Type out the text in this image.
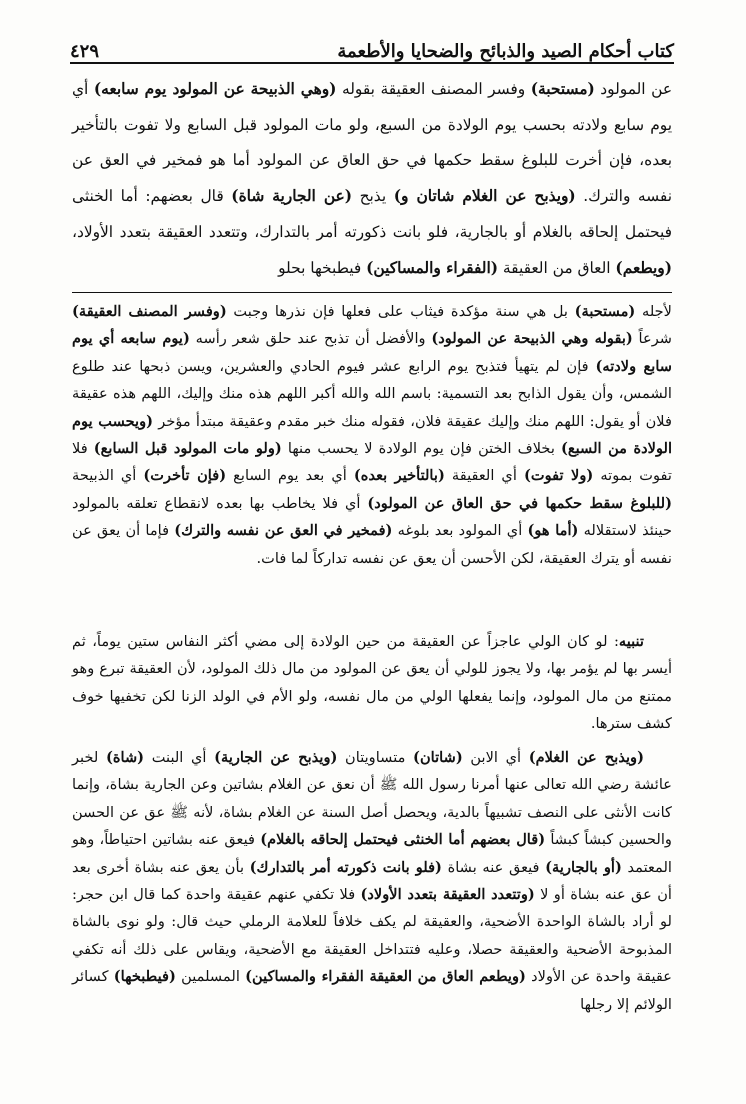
كتاب أحكام الصيد والذبائح والضحايا والأطعمة
٤٢٩

عن المولود (مستحبة) وفسر المصنف العقيقة بقوله (وهي الذبيحة عن المولود يوم سابعه) أي يوم سابع ولادته بحسب يوم الولادة من السبع، ولو مات المولود قبل السابع ولا تفوت بالتأخير بعده، فإن أخرت للبلوغ سقط حكمها في حق العاق عن المولود أما هو فمخير في العق عن نفسه والترك. (ويذبح عن الغلام شاتان و) يذبح (عن الجارية شاة) قال بعضهم: أما الخنثى فيحتمل إلحاقه بالغلام أو بالجارية، فلو بانت ذكورته أمر بالتدارك، وتتعدد العقيقة بتعدد الأولاد، (ويطعم) العاق من العقيقة (الفقراء والمساكين) فيطبخها بحلو

لأجله (مستحبة) بل هي سنة مؤكدة فيثاب على فعلها فإن نذرها وجبت (وفسر المصنف العقيقة) شرعاً (بقوله وهي الذبيحة عن المولود) والأفضل أن تذبح عند حلق شعر رأسه (يوم سابعه أي يوم سابع ولادته) فإن لم يتهيأ فتذبح يوم الرابع عشر فيوم الحادي والعشرين، ويسن ذبحها عند طلوع الشمس، وأن يقول الذابح بعد التسمية: باسم الله والله أكبر اللهم هذه منك وإليك، اللهم هذه عقيقة فلان أو يقول: اللهم منك وإليك عقيقة فلان، فقوله منك خبر مقدم وعقيقة مبتدأ مؤخر (ويحسب يوم الولادة من السبع) بخلاف الختن فإن يوم الولادة لا يحسب منها (ولو مات المولود قبل السابع) فلا تفوت بموته (ولا تفوت) أي العقيقة (بالتأخير بعده) أي بعد يوم السابع (فإن تأخرت) أي الذبيحة (للبلوغ سقط حكمها في حق العاق عن المولود) أي فلا يخاطب بها بعده لانقطاع تعلقه بالمولود حينئذ لاستقلاله (أما هو) أي المولود بعد بلوغه (فمخير في العق عن نفسه والترك) فإما أن يعق عن نفسه أو يترك العقيقة، لكن الأحسن أن يعق عن نفسه تداركاً لما فات.

تنبيه: لو كان الولي عاجزاً عن العقيقة من حين الولادة إلى مضي أكثر النفاس ستين يوماً، ثم أيسر بها لم يؤمر بها، ولا يجوز للولي أن يعق عن المولود من مال ذلك المولود، لأن العقيقة تبرع وهو ممتنع من مال المولود، وإنما يفعلها الولي من مال نفسه، ولو الأم في الولد الزنا لكن تخفيها خوف كشف سترها.

(ويذبح عن الغلام) أي الابن (شاتان) متساويتان (ويذبح عن الجارية) أي البنت (شاة) لخبر عائشة رضي الله تعالى عنها أمرنا رسول الله ﷺ أن نعق عن الغلام بشاتين وعن الجارية بشاة، وإنما كانت الأنثى على النصف تشبيهاً بالدية، ويحصل أصل السنة عن الغلام بشاة، لأنه ﷺ عق عن الحسن والحسين كبشاً كبشاً (قال بعضهم أما الخنثى فيحتمل إلحاقه بالغلام) فيعق عنه بشاتين احتياطاً، وهو المعتمد (أو بالجارية) فيعق عنه بشاة (فلو بانت ذكورته أمر بالتدارك) بأن يعق عنه بشاة أخرى بعد أن عق عنه بشاة أو لا (وتتعدد العقيقة بتعدد الأولاد) فلا تكفي عنهم عقيقة واحدة كما قال ابن حجر: لو أراد بالشاة الواحدة الأضحية، والعقيقة لم يكف خلافاً للعلامة الرملي حيث قال: ولو نوى بالشاة المذبوحة الأضحية والعقيقة حصلا، وعليه فتتداخل العقيقة مع الأضحية، ويقاس على ذلك أنه تكفي عقيقة واحدة عن الأولاد (ويطعم العاق من العقيقة الفقراء والمساكين) المسلمين (فيطبخها) كسائر الولائم إلا رجلها
